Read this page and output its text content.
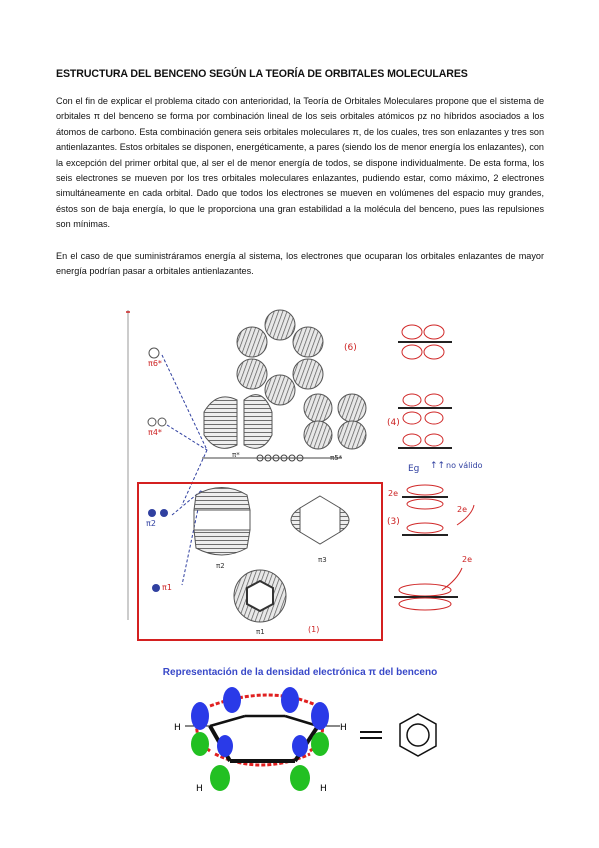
ESTRUCTURA DEL BENCENO SEGÚN LA TEORÍA DE ORBITALES MOLECULARES
Con el fin de explicar el problema citado con anterioridad, la Teoría de Orbitales Moleculares propone que el sistema de orbitales π del benceno se forma por combinación lineal de los seis orbitales atómicos pz no híbridos asociados a los átomos de carbono. Esta combinación genera seis orbitales moleculares π, de los cuales, tres son enlazantes y tres son antienlazantes. Estos orbitales se disponen, energéticamente, a pares (siendo los de menor energía los enlazantes), con la excepción del primer orbital que, al ser el de menor energía de todos, se dispone individualmente. De esta forma, los seis electrones se mueven por los tres orbitales moleculares enlazantes, pudiendo estar, como máximo, 2 electrones simultáneamente en cada orbital. Dado que todos los electrones se mueven en volúmenes del espacio muy grandes, éstos son de baja energía, lo que le proporciona una gran estabilidad a la molécula del benceno, pues las repulsiones son mínimas.
En el caso de que suministráramos energía al sistema, los electrones que ocuparan los orbitales enlazantes de mayor energía podrían pasar a orbitales antienlazantes.
π6*
π4*
π2
π1
(6)
π*	π5*
(4)
π2
π3
π1	(1)
Eg ↑↑ no válido
2e
2e
2e
(3)
Representación de la densidad electrónica π del benceno
H	H
H	H
